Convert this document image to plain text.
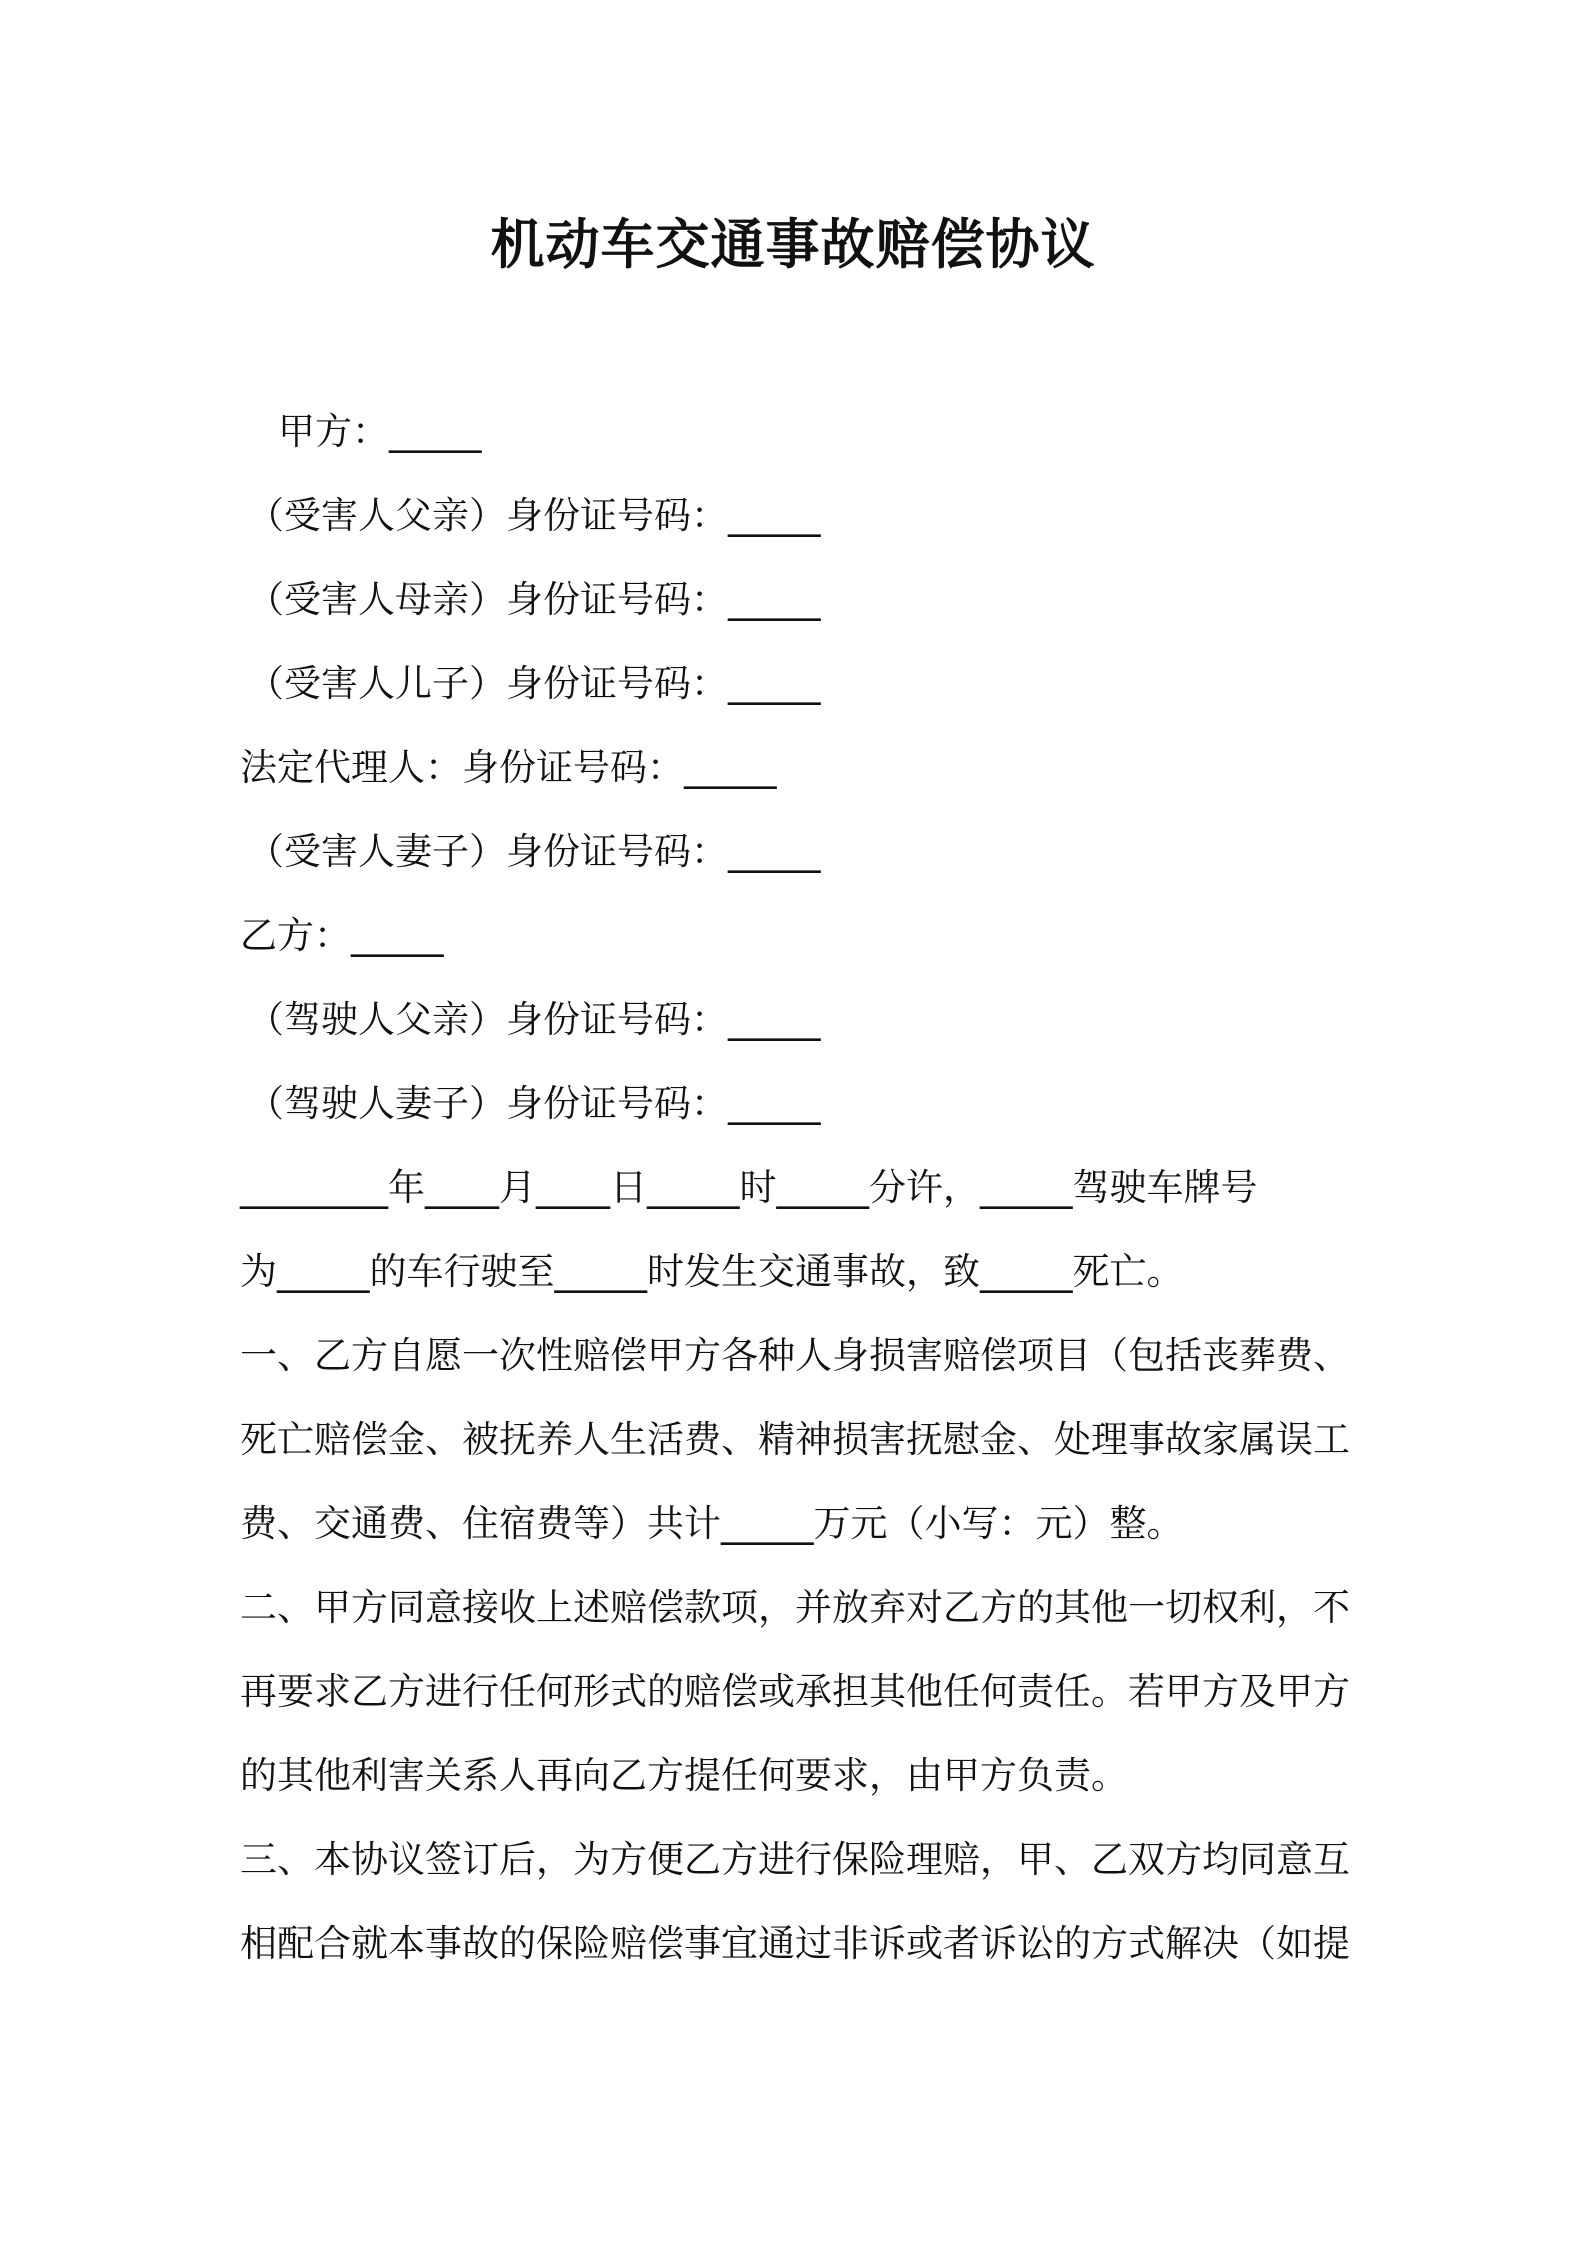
机动车交通事故赔偿协议

甲方：_____

（受害人父亲）身份证号码：_____

（受害人母亲）身份证号码：_____

（受害人儿子）身份证号码：_____

法定代理人：身份证号码：_____

（受害人妻子）身份证号码：_____

乙方：_____

（驾驶人父亲）身份证号码：_____

（驾驶人妻子）身份证号码：_____

________年____月____日_____时_____分许，_____驾驶车牌号

为_____的车行驶至_____时发生交通事故，致_____死亡。

一、乙方自愿一次性赔偿甲方各种人身损害赔偿项目（包括丧葬费、

死亡赔偿金、被抚养人生活费、精神损害抚慰金、处理事故家属误工

费、交通费、住宿费等）共计_____万元（小写：元）整。

二、甲方同意接收上述赔偿款项，并放弃对乙方的其他一切权利，不

再要求乙方进行任何形式的赔偿或承担其他任何责任。若甲方及甲方

的其他利害关系人再向乙方提任何要求，由甲方负责。

三、本协议签订后，为方便乙方进行保险理赔，甲、乙双方均同意互

相配合就本事故的保险赔偿事宜通过非诉或者诉讼的方式解决（如提
